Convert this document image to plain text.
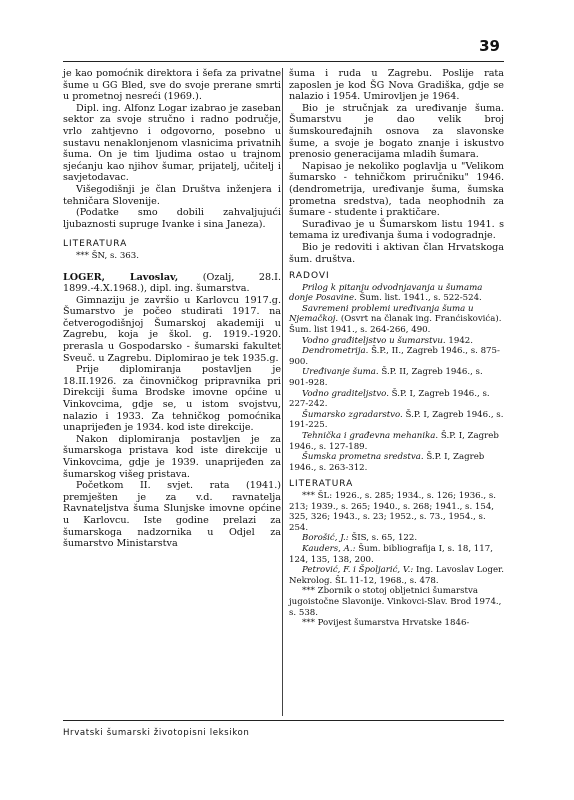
39

je kao pomoćnik direktora i šefa za privatne šume u GG Bled, sve do svoje prerane smrti u prometnoj nesreći (1969.).

Dipl. ing. Alfonz Logar izabrao je zaseban sektor za svoje stručno i radno područje, vrlo zahtjevno i odgovorno, posebno u sustavu nenaklonjenom vlasnicima privatnih šuma. On je tim ljudima ostao u trajnom sjećanju kao njihov šumar, prijatelj, učitelj i savjetodavac.

Višegodišnji je član Društva inženjera i tehničara Slovenije.

(Podatke smo dobili zahvaljujući ljubaznosti supruge Ivanke i sina Janeza).

LITERATURA

*** ŠN, s. 363.

LOGER, Lavoslav, (Ozalj, 28.I. 1899.-4.X.1968.), dipl. ing. šumarstva.

Gimnaziju je završio u Karlovcu 1917.g. Šumarstvo je počeo studirati 1917. na četverogodišnjoj Šumarskoj akademiji u Zagrebu, koja je škol. g. 1919.-1920. prerasla u Gospodarsko - šumarski fakultet Sveuč. u Zagrebu. Diplomirao je tek 1935.g.

Prije diplomiranja postavljen je 18.II.1926. za činovničkog pripravnika pri Direkciji šuma Brodske imovne općine u Vinkovcima, gdje se, u istom svojstvu, nalazio i 1933. Za tehničkog pomoćnika unaprijeđen je 1934. kod iste direkcije.

Nakon diplomiranja postavljen je za šumarskoga pristava kod iste direkcije u Vinkovcima, gdje je 1939. unaprijeđen za šumarskog višeg pristava.

Početkom II. svjet. rata (1941.) premješten je za v.d. ravnatelja Ravnateljstva šuma Slunjske imovne općine u Karlovcu. Iste godine prelazi za šumarskoga nadzornika u Odjel za šumarstvo Ministarstva

šuma i ruda u Zagrebu. Poslije rata zaposlen je kod ŠG Nova Gradiška, gdje se nalazio i 1954. Umirovljen je 1964.

Bio je stručnjak za uređivanje šuma. Šumarstvu je dao velik broj šumskouređajnih osnova za slavonske šume, a svoje je bogato znanje i iskustvo prenosio generacijama mladih šumara.

Napisao je nekoliko poglavlja u "Velikom šumarsko - tehničkom priručniku" 1946. (dendrometrija, uređivanje šuma, šumska prometna sredstva), tada neophodnih za šumare - studente i praktičare.

Surađivao je u Šumarskom listu 1941. s temama iz uređivanja šuma i vodogradnje.

Bio je redoviti i aktivan član Hrvatskoga šum. društva.

RADOVI

Prilog k pitanju odvodnjavanja u šumama donje Posavine. Šum. list. 1941., s. 522-524.

Savremeni problemi uređivanja šuma u Njemačkoj. (Osvrt na članak ing. Franćiskovića). Šum. list 1941., s. 264-266, 490.

Vodno građiteljstvo u šumarstvu. 1942.

Dendrometrija. Š.P., II., Zagreb 1946., s. 875-900.

Uređivanje šuma. Š.P. II, Zagreb 1946., s. 901-928.

Vodno graditeljstvo. Š.P. I, Zagreb 1946., s. 227-242.

Šumarsko zgradarstvo. Š.P. I, Zagreb 1946., s. 191-225.

Tehnička i građevna mehanika. Š.P. I, Zagreb 1946., s. 127-189.

Šumska prometna sredstva. Š.P. I, Zagreb 1946., s. 263-312.

LITERATURA

*** ŠL: 1926., s. 285; 1934., s. 126; 1936., s. 213; 1939., s. 265; 1940., s. 268; 1941., s. 154, 325, 326; 1943., s. 23; 1952., s. 73., 1954., s. 254.

Borošić, J.: ŠIS, s. 65, 122.

Kauders, A.: Šum. bibliografija I, s. 18, 117, 124, 135, 138, 200.

Petrović, F. i Špoljarić, V.: Ing. Lavoslav Loger. Nekrolog. ŠL 11-12, 1968., s. 478.

*** Zbornik o stotoj obljetnici šumarstva jugoistočne Slavonije. Vinkovci-Slav. Brod 1974., s. 538.

*** Povijest šumarstva Hrvatske 1846-

Hrvatski šumarski životopisni leksikon
